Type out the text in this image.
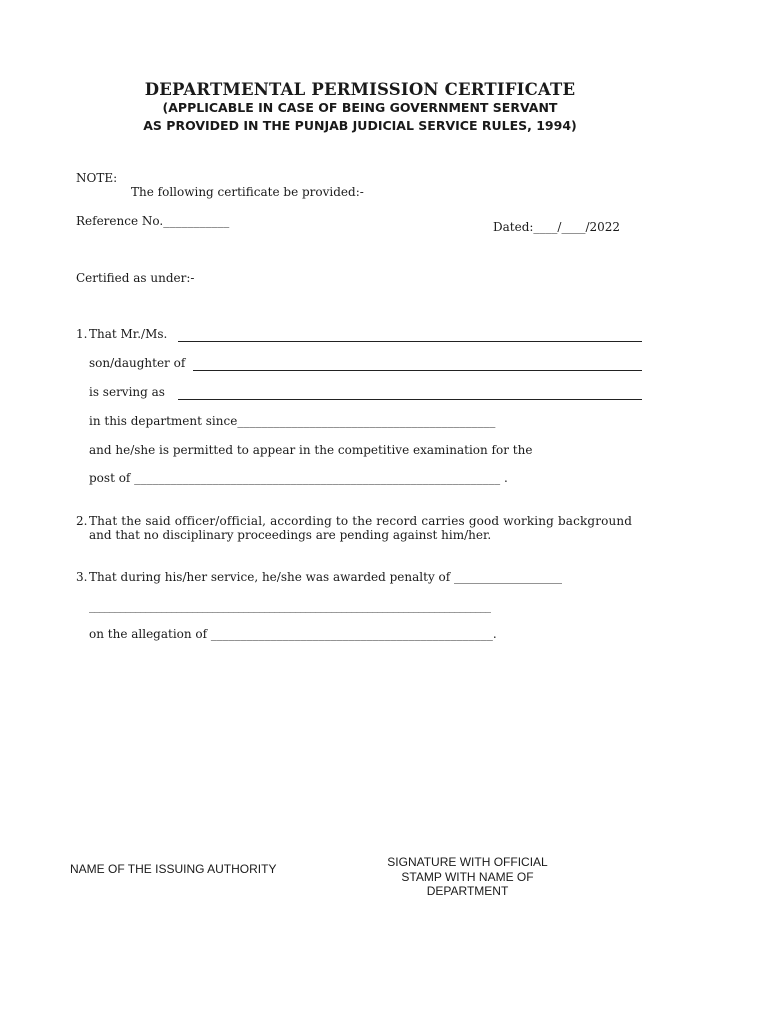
DEPARTMENTAL PERMISSION CERTIFICATE
(APPLICABLE IN CASE OF BEING GOVERNMENT SERVANT
AS PROVIDED IN THE PUNJAB JUDICIAL SERVICE RULES, 1994)
NOTE:
The following certificate be provided:-
Reference No.___________	Dated:____/____/2022
Certified as under:-
1. That Mr./Ms.
son/daughter of
is serving as
in this department since___________________________________________
and he/she is permitted to appear in the competitive examination for the
post of _____________________________________________________________ .
2. That the said officer/official, according to the record carries good working background
and that no disciplinary proceedings are pending against him/her.
3. That during his/her service, he/she was awarded penalty of __________________
______________________________________________________________________________
on the allegation of _______________________________________________.
NAME OF THE ISSUING AUTHORITY	SIGNATURE WITH OFFICIAL
STAMP WITH NAME OF
DEPARTMENT
